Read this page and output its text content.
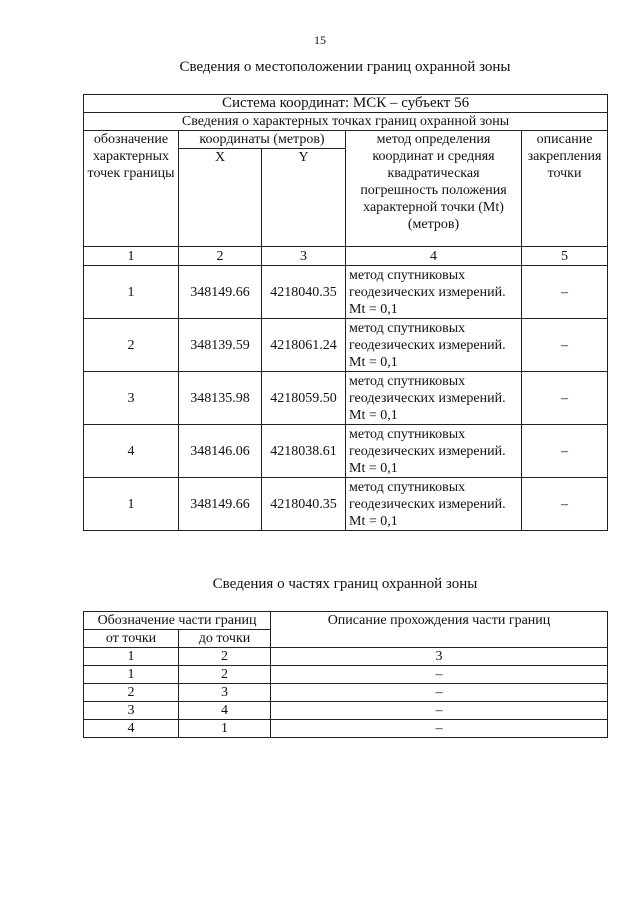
15
Сведения о местоположении границ охранной зоны
Система координат: МСК – субъект 56				
Сведения о характерных точках границ охранной зоны				
обозначение характерных точек границы	координаты (метров)		метод определения координат и средняя квадратическая погрешность положения характерной точки (Mt) (метров)	описание закрепления точки
	X	Y		
1	2	3	4	5
1	348149.66	4218040.35	метод спутниковых геодезических измерений. Mt = 0,1	–
2	348139.59	4218061.24	метод спутниковых геодезических измерений. Mt = 0,1	–
3	348135.98	4218059.50	метод спутниковых геодезических измерений. Mt = 0,1	–
4	348146.06	4218038.61	метод спутниковых геодезических измерений. Mt = 0,1	–
1	348149.66	4218040.35	метод спутниковых геодезических измерений. Mt = 0,1	–
Сведения о частях границ охранной зоны
Обозначение части границ		Описание прохождения части границ
от точки	до точки	
1	2	3
1	2	–
2	3	–
3	4	–
4	1	–
